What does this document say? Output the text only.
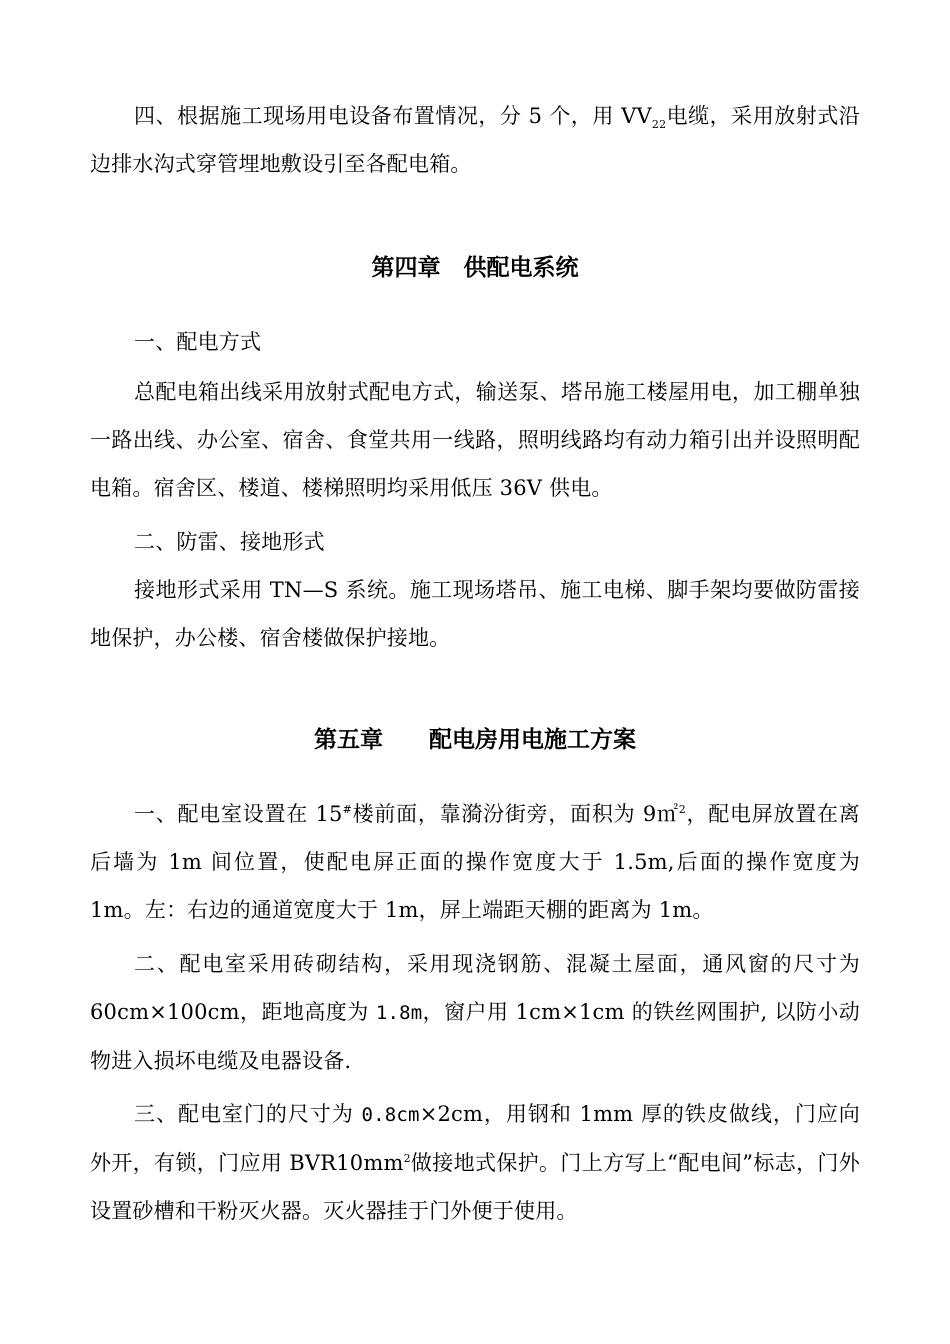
四、根据施工现场用电设备布置情况，分 5 个，用 $VV_{22}$电缆，采用放射式沿边排水沟式穿管埋地敷设引至各配电箱。

第四章　供配电系统

一、配电方式

总配电箱出线采用放射式配电方式，输送泵、塔吊施工楼屋用电，加工棚单独一路出线、办公室、宿舍、食堂共用一线路，照明线路均有动力箱引出并设照明配电箱。宿舍区、楼道、楼梯照明均采用低压 36V 供电。

二、防雷、接地形式

接地形式采用 TN—S 系统。施工现场塔吊、施工电梯、脚手架均要做防雷接地保护，办公楼、宿舍楼做保护接地。

第五章　　配电房用电施工方案

一、配电室设置在 15#楼前面，靠漪汾街旁，面积为 9㎡$^2$，配电屏放置在离后墙为 1m 间位置，使配电屏正面的操作宽度大于 1.5m,后面的操作宽度为 1m。左：右边的通道宽度大于 1m，屏上端距天棚的距离为 1m。

二、配电室采用砖砌结构，采用现浇钢筋、混凝土屋面，通风窗的尺寸为 60cm×100cm，距地高度为 1.8m，窗户用 1cm×1cm 的铁丝网围护, 以防小动物进入损坏电缆及电器设备.

三、配电室门的尺寸为 0.8cm×2cm，用钢和 1mm 厚的铁皮做线，门应向外开，有锁，门应用 $BVR10mm^2$做接地式保护。门上方写上“配电间”标志，门外设置砂槽和干粉灭火器。灭火器挂于门外便于使用。
